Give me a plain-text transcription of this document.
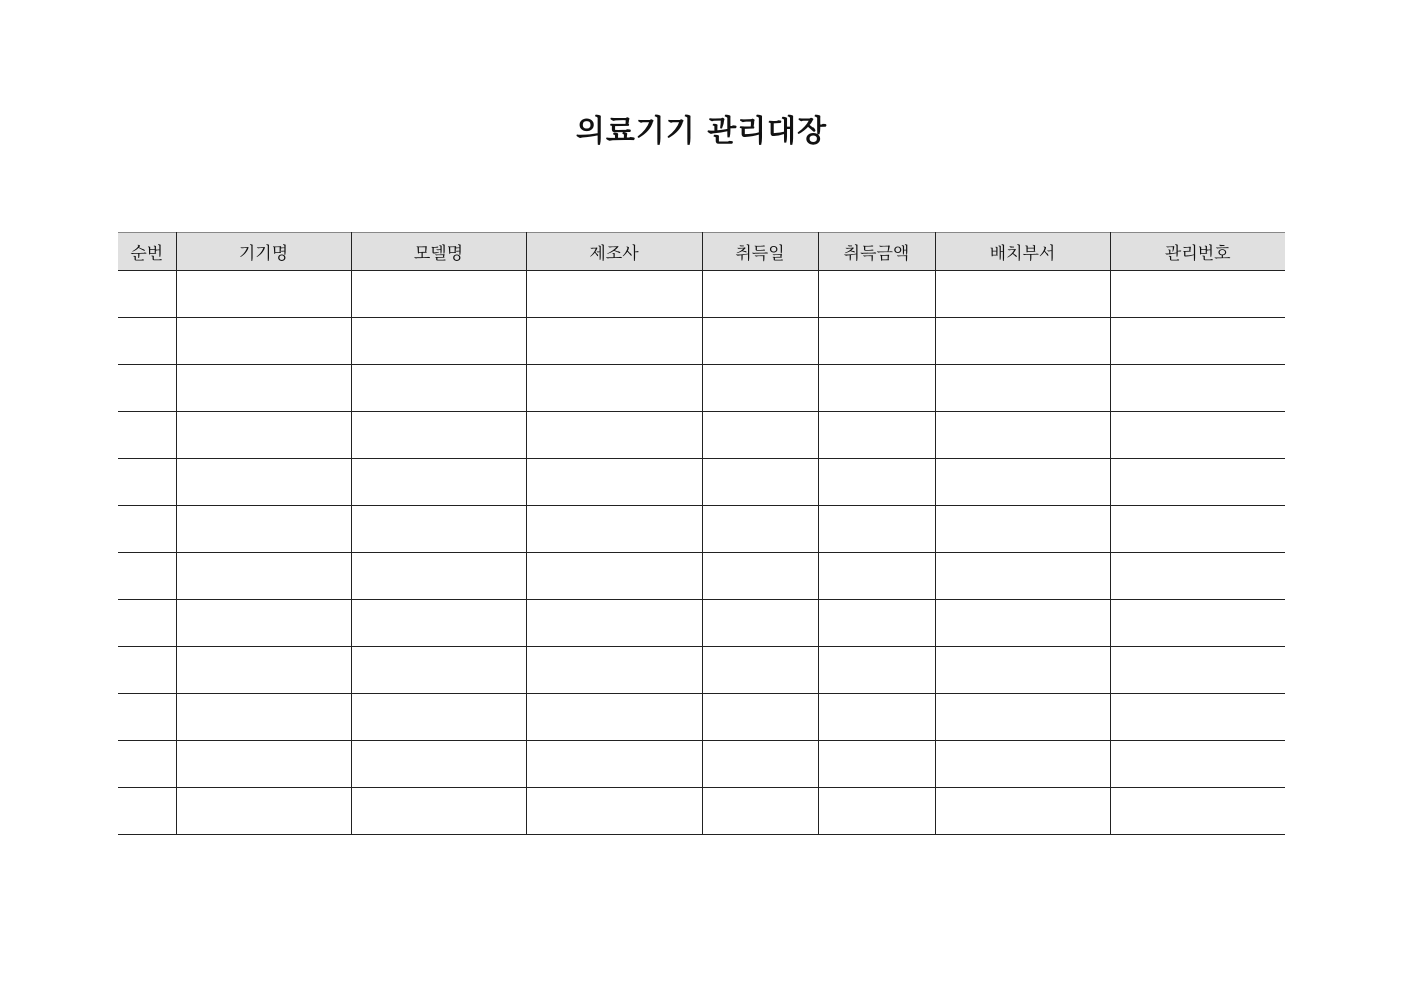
의료기기 관리대장
순번	기기명	모델명	제조사	취득일	취득금액	배치부서	관리번호
